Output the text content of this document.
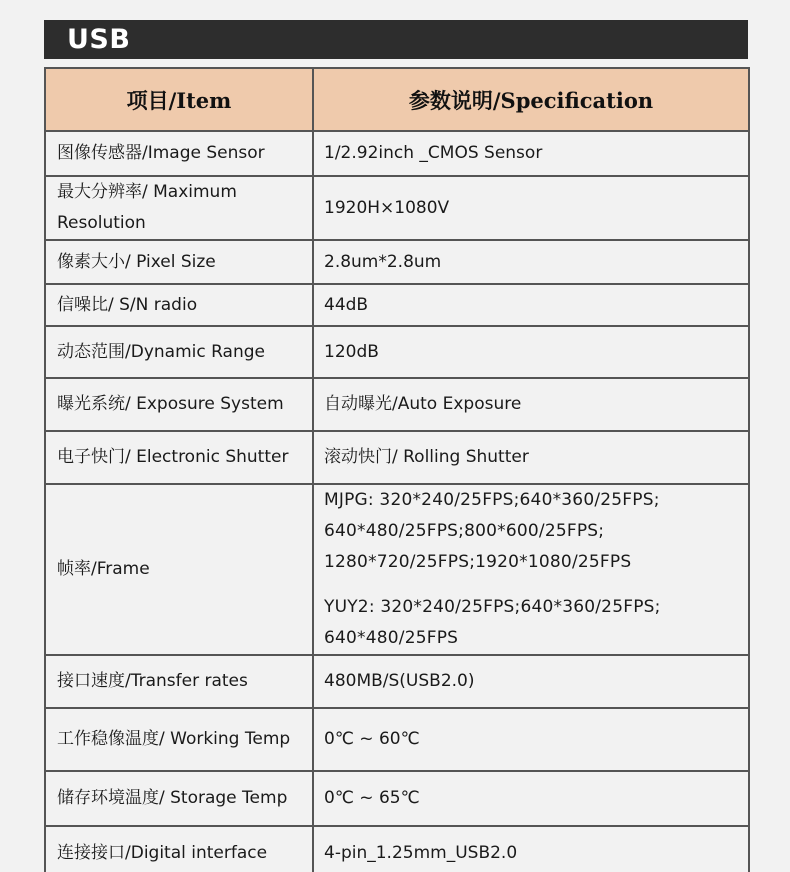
USB
项目/Item	参数说明/Specification
图像传感器/Image Sensor	1/2.92inch _CMOS Sensor
最大分辨率/ Maximum Resolution	1920H×1080V
像素大小/ Pixel Size	2.8um*2.8um
信噪比/ S/N radio	44dB
动态范围/Dynamic Range	120dB
曝光系统/ Exposure System	自动曝光/Auto Exposure
电子快门/ Electronic Shutter	滚动快门/ Rolling Shutter
帧率/Frame	MJPG: 320*240/25FPS;640*360/25FPS;
640*480/25FPS;800*600/25FPS;
1280*720/25FPS;1920*1080/25FPS
YUY2: 320*240/25FPS;640*360/25FPS;
640*480/25FPS

接口速度/Transfer rates	480MB/S(USB2.0)
工作稳像温度/ Working Temp	0℃ ~ 60℃
储存环境温度/ Storage Temp	0℃ ~ 65℃
连接接口/Digital interface	4-pin_1.25mm_USB2.0
